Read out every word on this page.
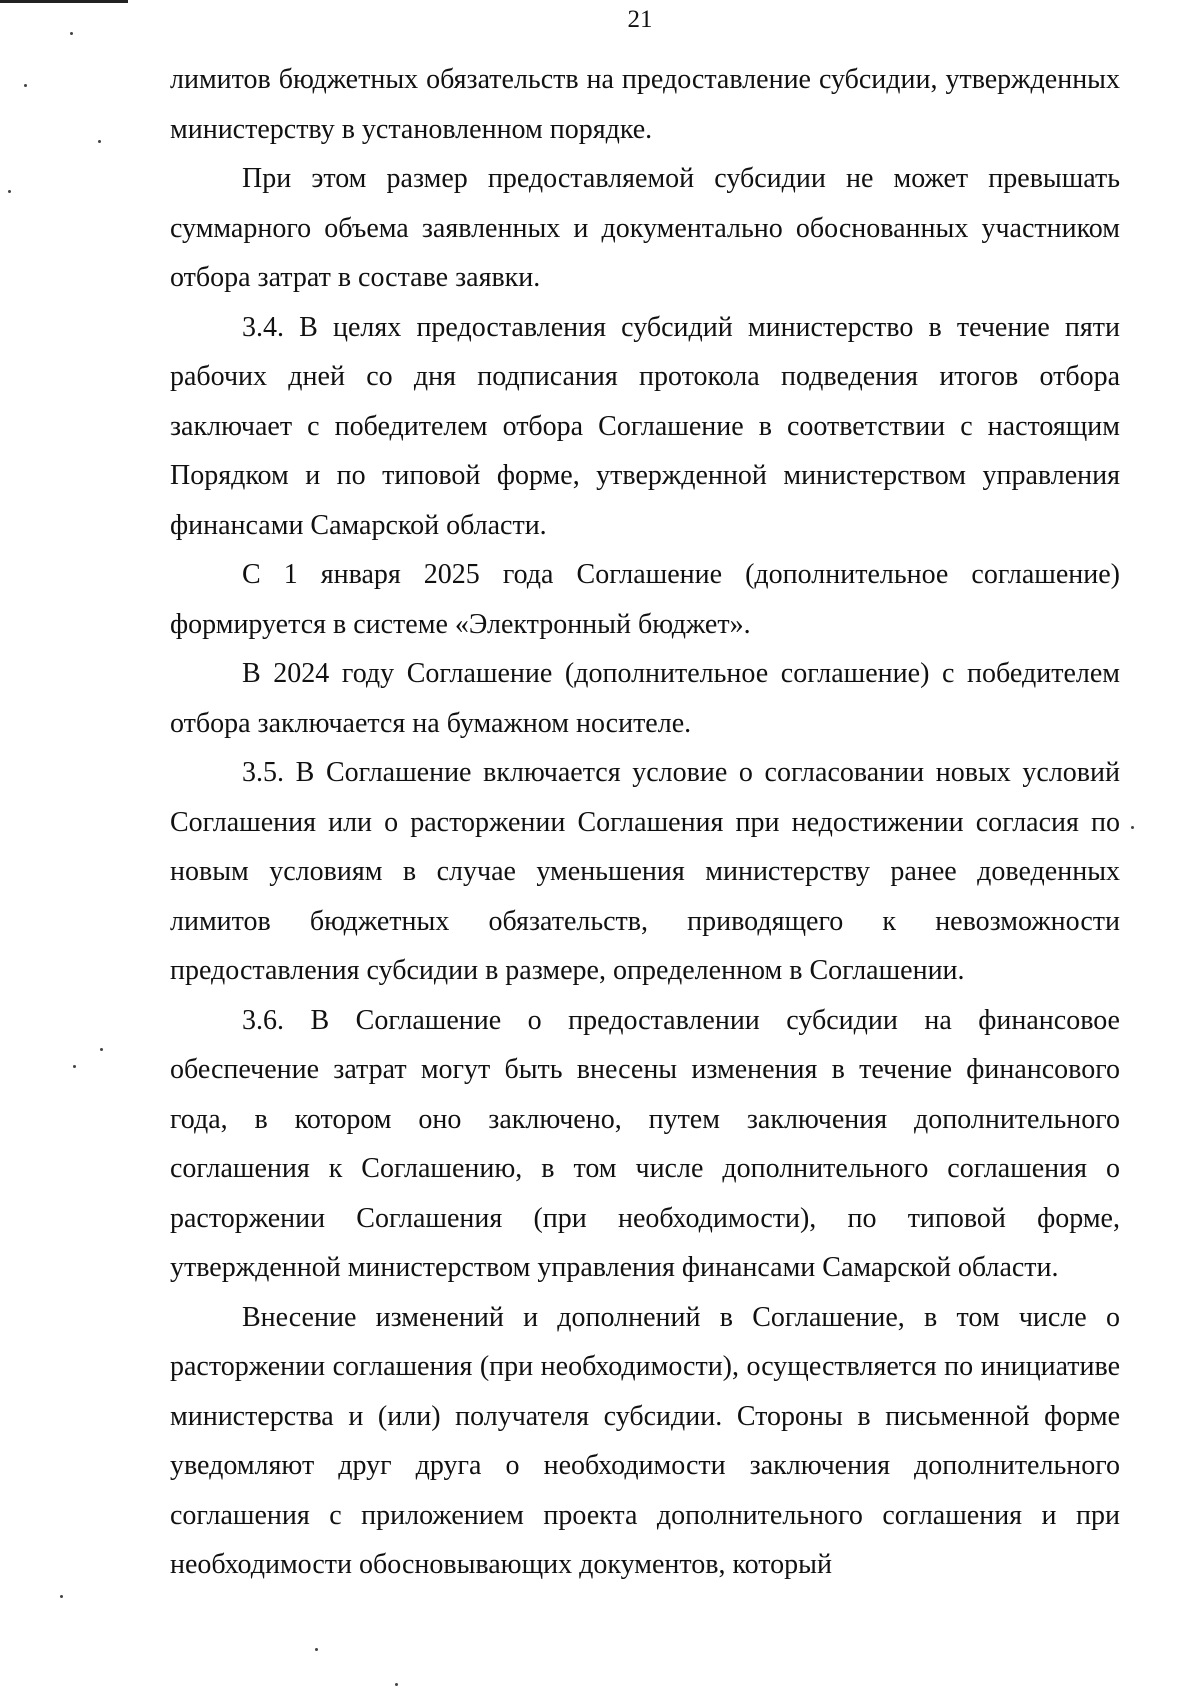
21

лимитов бюджетных обязательств на предоставление субсидии, утвержденных министерству в установленном порядке.

При этом размер предоставляемой субсидии не может превышать суммарного объема заявленных и документально обоснованных участником отбора затрат в составе заявки.

3.4. В целях предоставления субсидий министерство в течение пяти рабочих дней со дня подписания протокола подведения итогов отбора заключает с победителем отбора Соглашение в соответствии с настоящим Порядком и по типовой форме, утвержденной министерством управления финансами Самарской области.

С 1 января 2025 года Соглашение (дополнительное соглашение) формируется в системе «Электронный бюджет».

В 2024 году Соглашение (дополнительное соглашение) с победителем отбора заключается на бумажном носителе.

3.5. В Соглашение включается условие о согласовании новых условий Соглашения или о расторжении Соглашения при недостижении согласия по новым условиям в случае уменьшения министерству ранее доведенных лимитов бюджетных обязательств, приводящего к невозможности предоставления субсидии в размере, определенном в Соглашении.

3.6. В Соглашение о предоставлении субсидии на финансовое обеспечение затрат могут быть внесены изменения в течение финансового года, в котором оно заключено, путем заключения дополнительного соглашения к Соглашению, в том числе дополнительного соглашения о расторжении Соглашения (при необходимости), по типовой форме, утвержденной министерством управления финансами Самарской области.

Внесение изменений и дополнений в Соглашение, в том числе о расторжении соглашения (при необходимости), осуществляется по инициативе министерства и (или) получателя субсидии. Стороны в письменной форме уведомляют друг друга о необходимости заключения дополнительного соглашения с приложением проекта дополнительного соглашения и при необходимости обосновывающих документов, который
